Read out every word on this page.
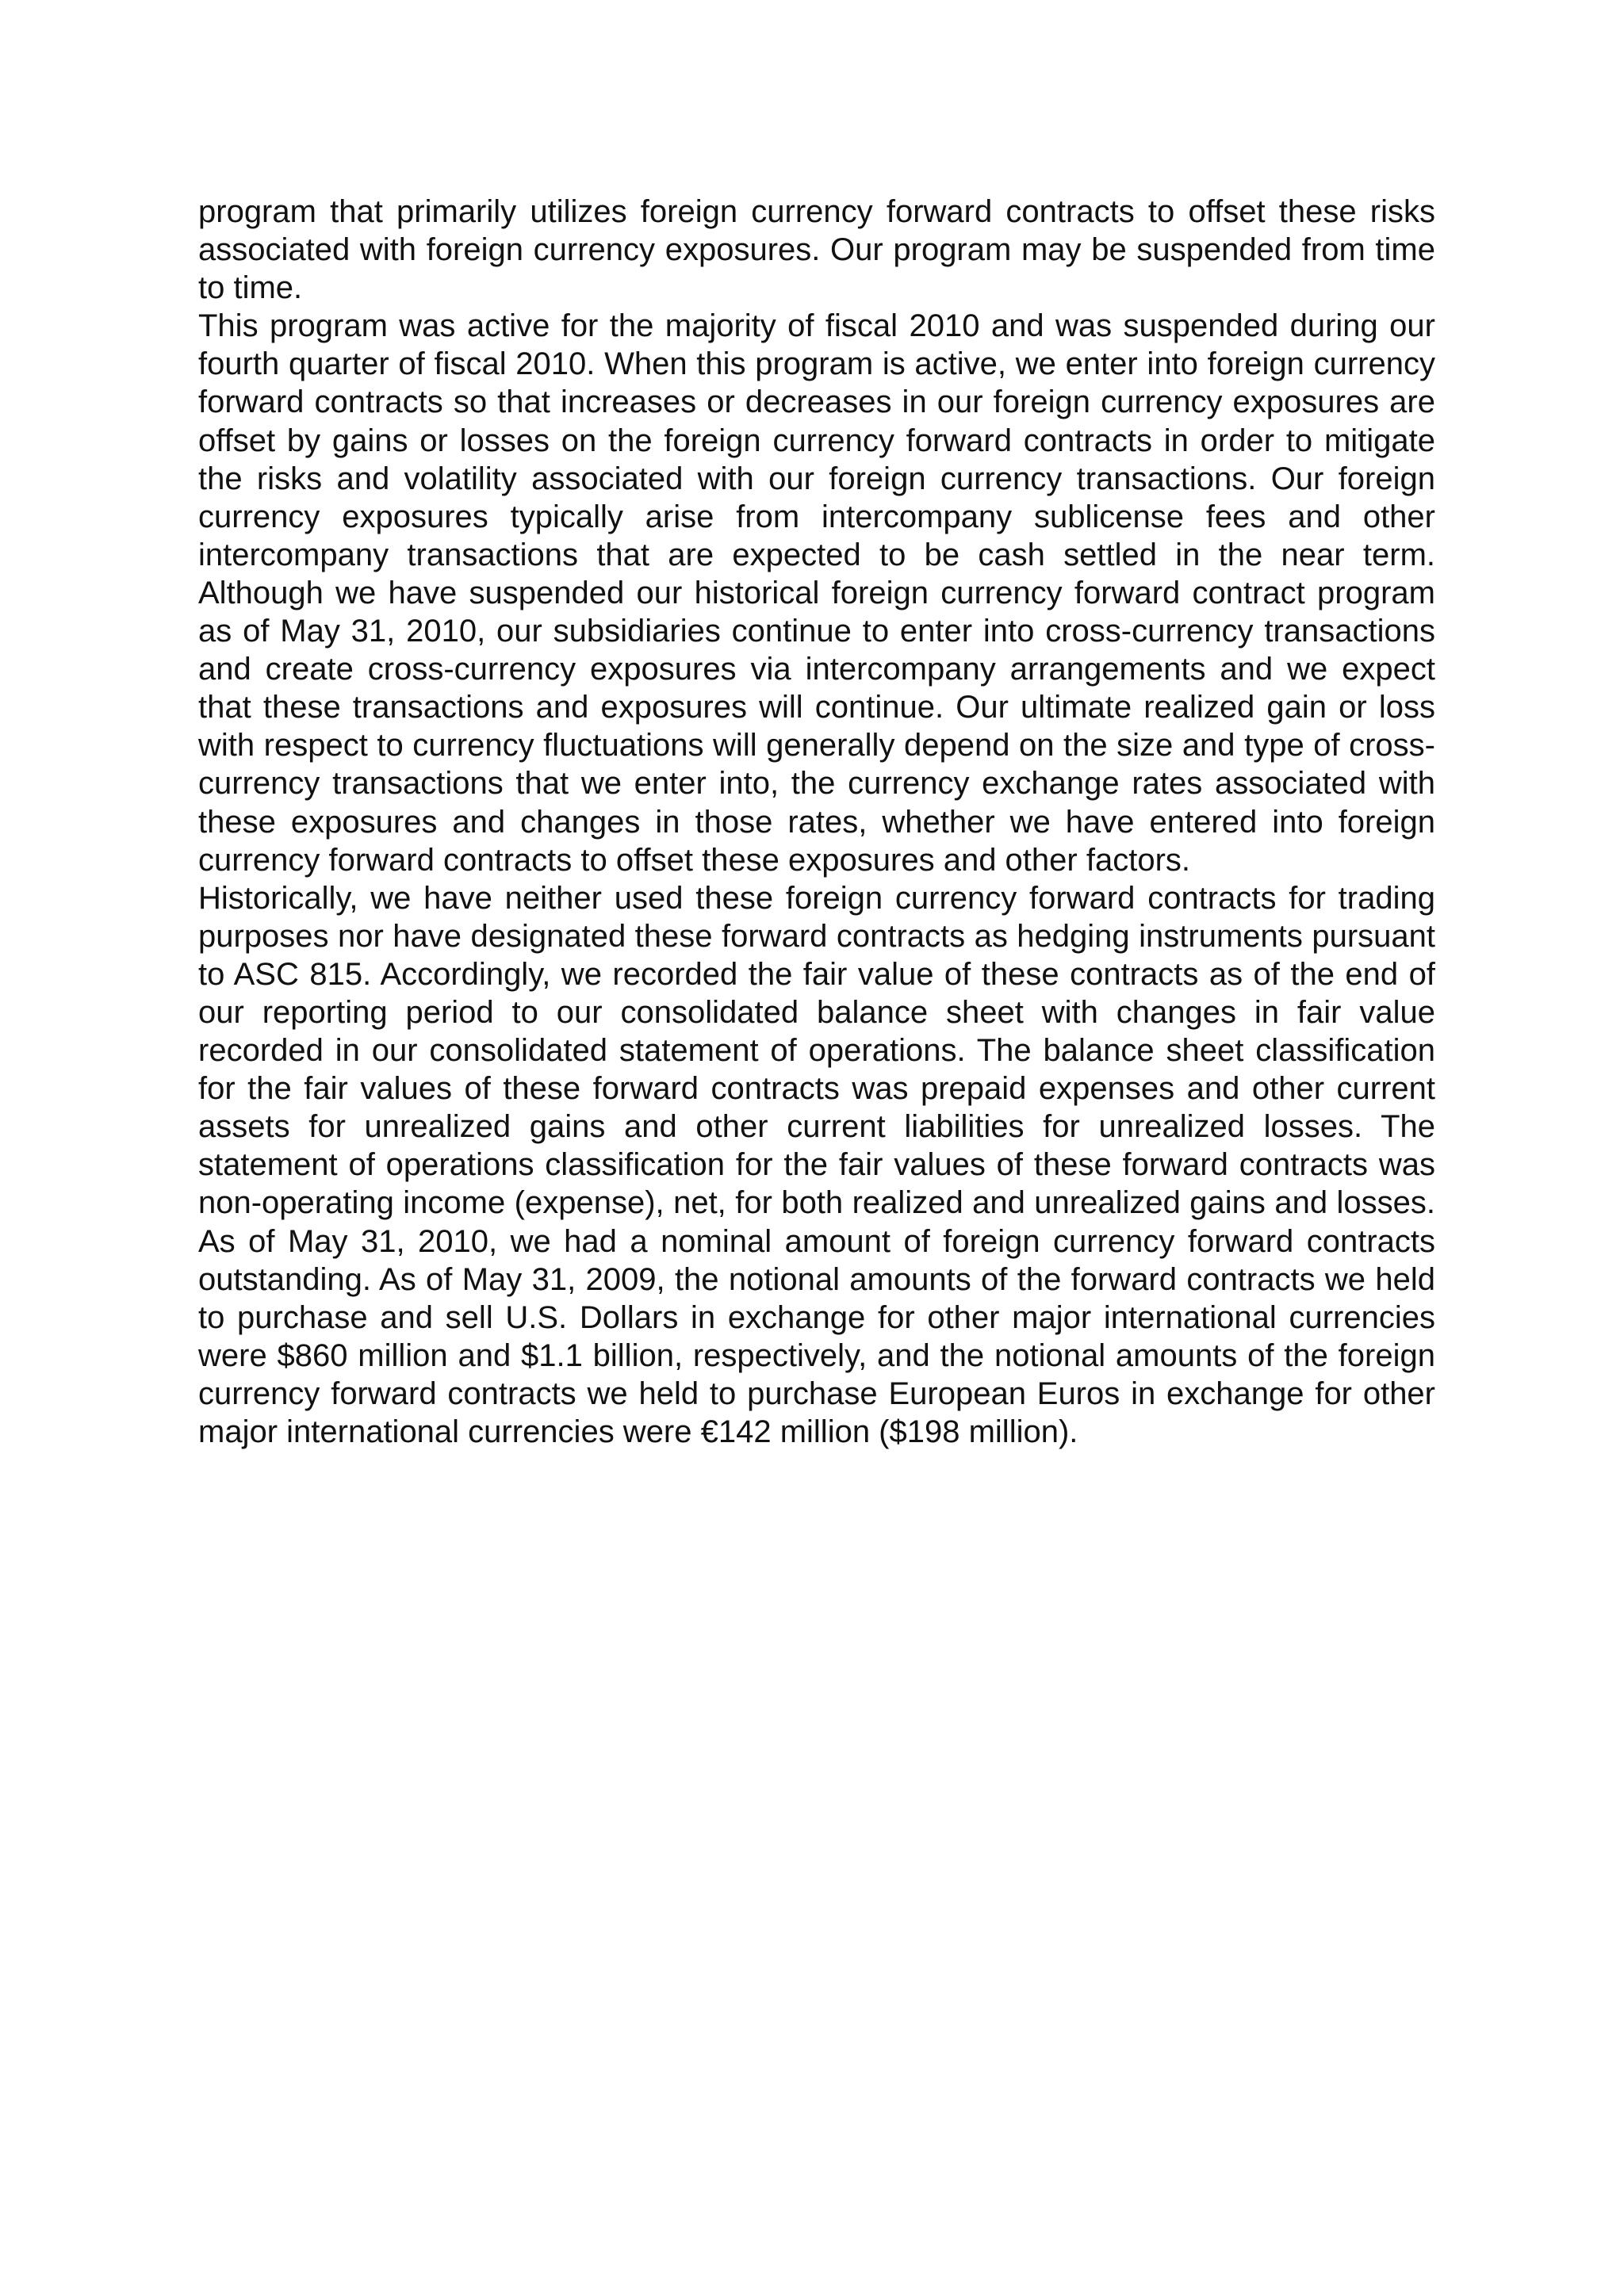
program that primarily utilizes foreign currency forward contracts to offset these risks associated with foreign currency exposures. Our program may be suspended from time to time.

This program was active for the majority of fiscal 2010 and was suspended during our fourth quarter of fiscal 2010. When this program is active, we enter into foreign currency forward contracts so that increases or decreases in our foreign currency exposures are offset by gains or losses on the foreign currency forward contracts in order to mitigate the risks and volatility associated with our foreign currency transactions. Our foreign currency exposures typically arise from intercompany sublicense fees and other intercompany transactions that are expected to be cash settled in the near term. Although we have suspended our historical foreign currency forward contract program as of May 31, 2010, our subsidiaries continue to enter into cross-currency transactions and create cross-currency exposures via intercompany arrangements and we expect that these transactions and exposures will continue. Our ultimate realized gain or loss with respect to currency fluctuations will generally depend on the size and type of cross-currency transactions that we enter into, the currency exchange rates associated with these exposures and changes in those rates, whether we have entered into foreign currency forward contracts to offset these exposures and other factors.

Historically, we have neither used these foreign currency forward contracts for trading purposes nor have designated these forward contracts as hedging instruments pursuant to ASC 815. Accordingly, we recorded the fair value of these contracts as of the end of our reporting period to our consolidated balance sheet with changes in fair value recorded in our consolidated statement of operations. The balance sheet classification for the fair values of these forward contracts was prepaid expenses and other current assets for unrealized gains and other current liabilities for unrealized losses. The statement of operations classification for the fair values of these forward contracts was non-operating income (expense), net, for both realized and unrealized gains and losses. As of May 31, 2010, we had a nominal amount of foreign currency forward contracts outstanding. As of May 31, 2009, the notional amounts of the forward contracts we held to purchase and sell U.S. Dollars in exchange for other major international currencies were $860 million and $1.1 billion, respectively, and the notional amounts of the foreign currency forward contracts we held to purchase European Euros in exchange for other major international currencies were €142 million ($198 million).
